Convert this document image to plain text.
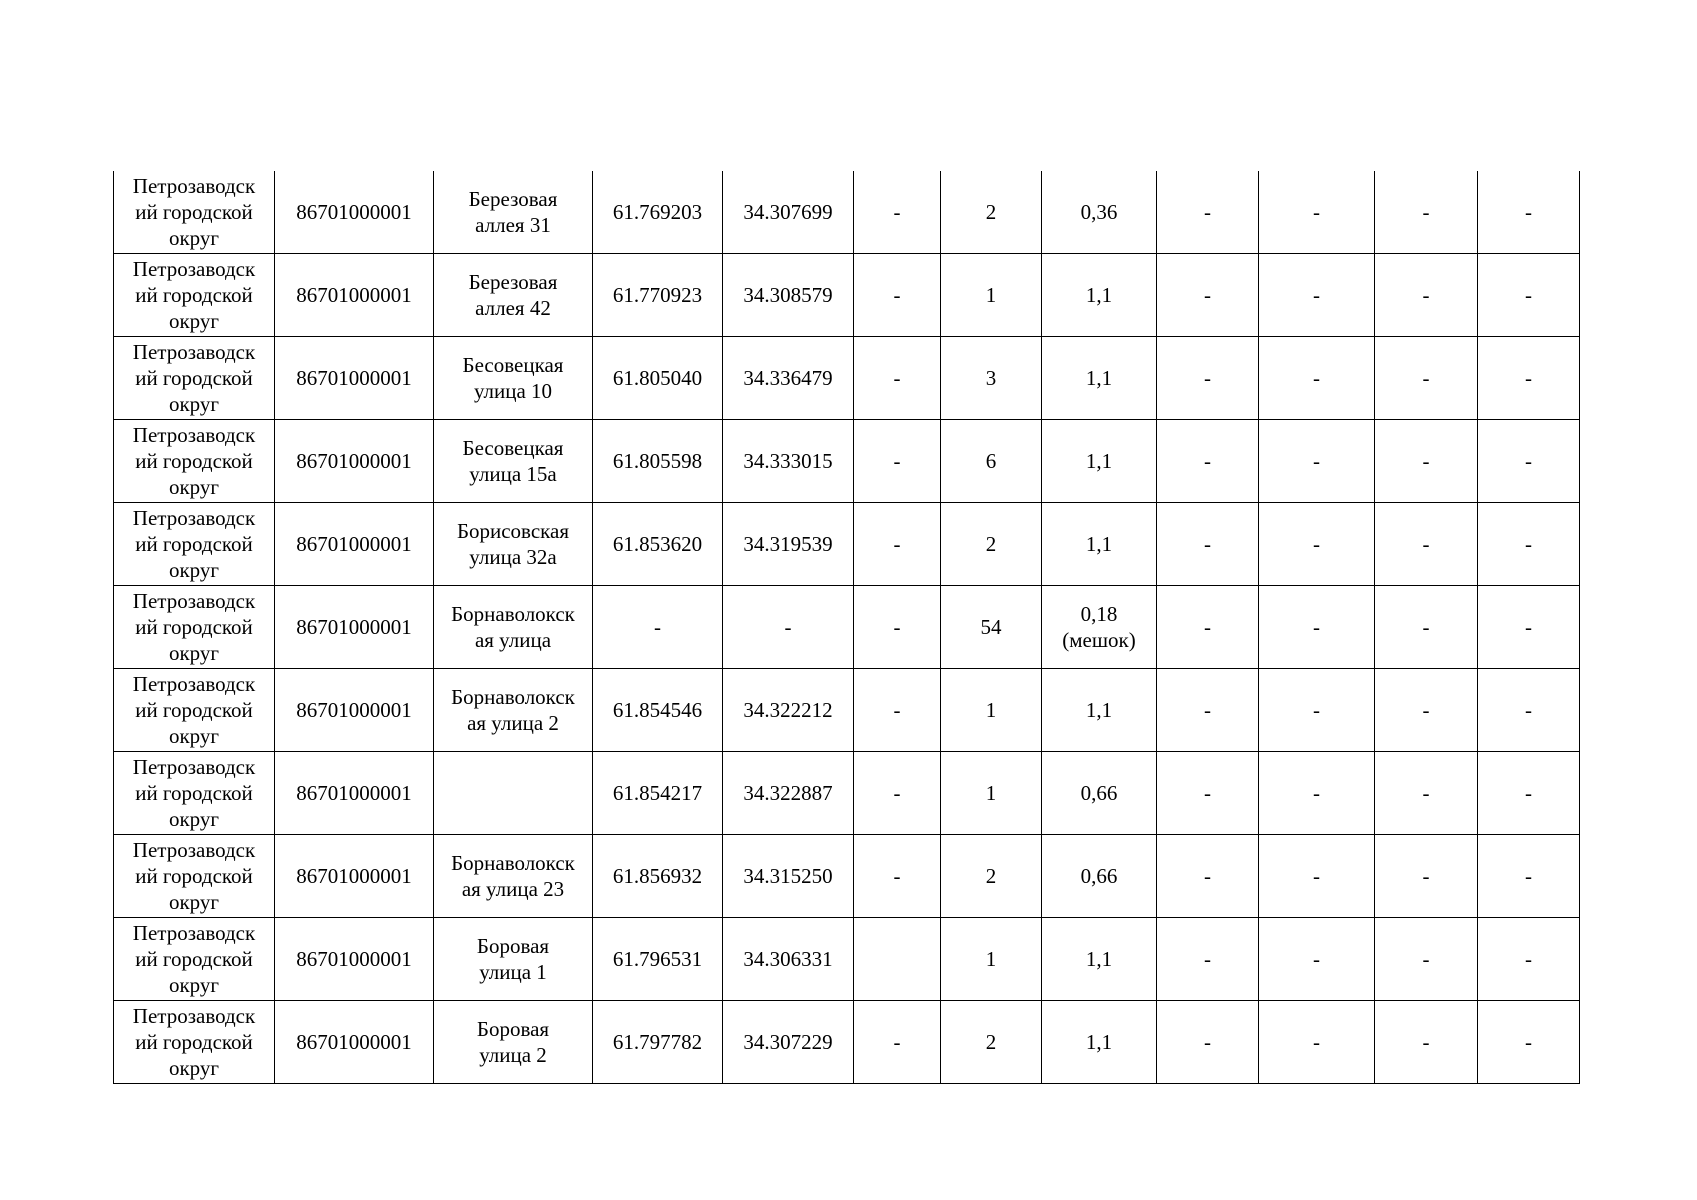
Петрозаводск
ий городской
округ	86701000001	Березовая
аллея 31	61.769203	34.307699	-	2	0,36	-	-	-	-
Петрозаводск
ий городской
округ	86701000001	Березовая
аллея 42	61.770923	34.308579	-	1	1,1	-	-	-	-
Петрозаводск
ий городской
округ	86701000001	Бесовецкая
улица 10	61.805040	34.336479	-	3	1,1	-	-	-	-
Петрозаводск
ий городской
округ	86701000001	Бесовецкая
улица 15а	61.805598	34.333015	-	6	1,1	-	-	-	-
Петрозаводск
ий городской
округ	86701000001	Борисовская
улица 32а	61.853620	34.319539	-	2	1,1	-	-	-	-
Петрозаводск
ий городской
округ	86701000001	Борнаволокск
ая улица	-	-	-	54	0,18
(мешок)	-	-	-	-
Петрозаводск
ий городской
округ	86701000001	Борнаволокск
ая улица 2	61.854546	34.322212	-	1	1,1	-	-	-	-
Петрозаводск
ий городской
округ	86701000001		61.854217	34.322887	-	1	0,66	-	-	-	-
Петрозаводск
ий городской
округ	86701000001	Борнаволокск
ая улица 23	61.856932	34.315250	-	2	0,66	-	-	-	-
Петрозаводск
ий городской
округ	86701000001	Боровая
улица 1	61.796531	34.306331		1	1,1	-	-	-	-
Петрозаводск
ий городской
округ	86701000001	Боровая
улица 2	61.797782	34.307229	-	2	1,1	-	-	-	-
